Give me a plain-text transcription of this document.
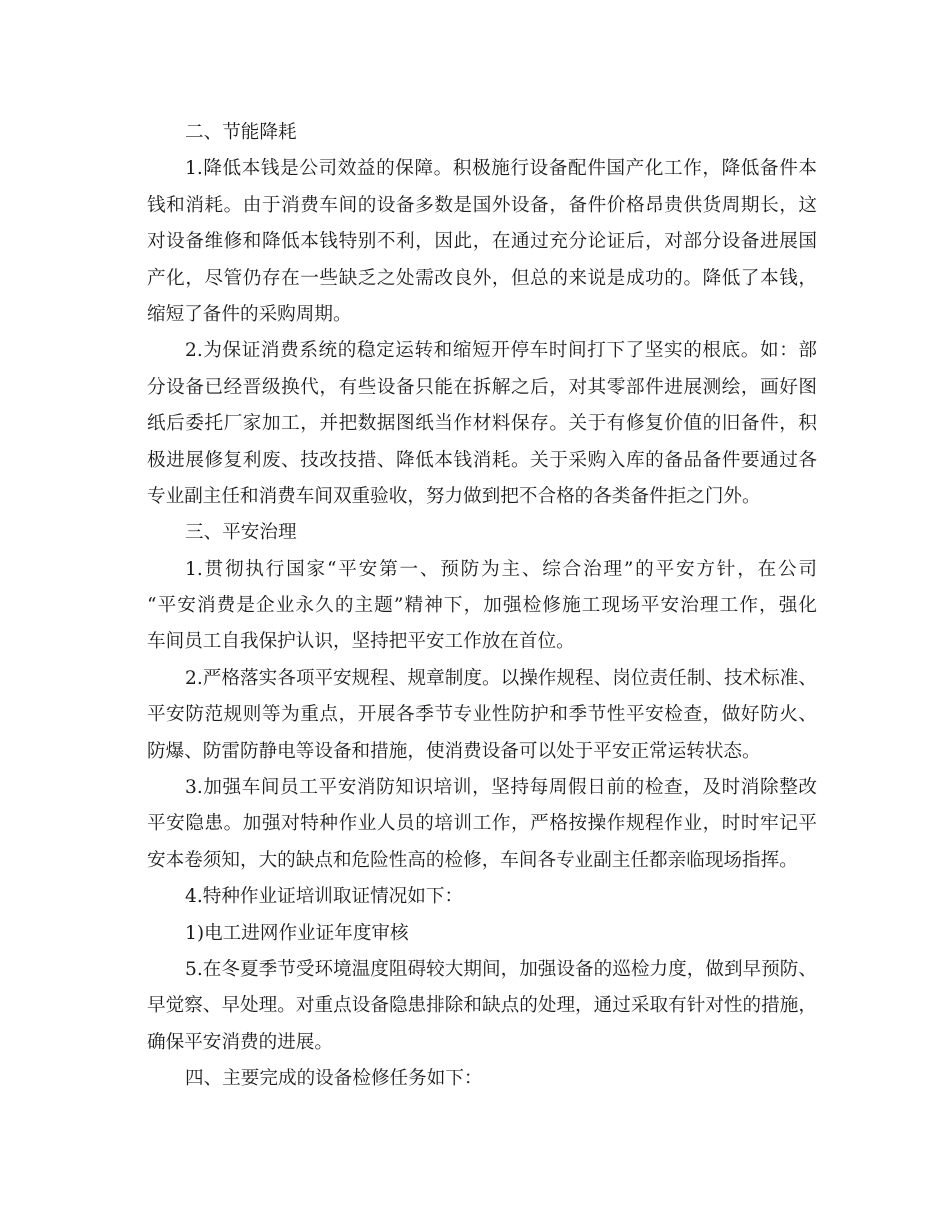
二、节能降耗
1.降低本钱是公司效益的保障。积极施行设备配件国产化工作，降低备件本
钱和消耗。由于消费车间的设备多数是国外设备，备件价格昂贵供货周期长，这
对设备维修和降低本钱特别不利，因此，在通过充分论证后，对部分设备进展国
产化，尽管仍存在一些缺乏之处需改良外，但总的来说是成功的。降低了本钱，
缩短了备件的采购周期。
2.为保证消费系统的稳定运转和缩短开停车时间打下了坚实的根底。如：部
分设备已经晋级换代，有些设备只能在拆解之后，对其零部件进展测绘，画好图
纸后委托厂家加工，并把数据图纸当作材料保存。关于有修复价值的旧备件，积
极进展修复利废、技改技措、降低本钱消耗。关于采购入库的备品备件要通过各
专业副主任和消费车间双重验收，努力做到把不合格的各类备件拒之门外。
三、平安治理
1.贯彻执行国家“平安第一、预防为主、综合治理”的平安方针，在公司
“平安消费是企业永久的主题”精神下，加强检修施工现场平安治理工作，强化
车间员工自我保护认识，坚持把平安工作放在首位。
2.严格落实各项平安规程、规章制度。以操作规程、岗位责任制、技术标准、
平安防范规则等为重点，开展各季节专业性防护和季节性平安检查，做好防火、
防爆、防雷防静电等设备和措施，使消费设备可以处于平安正常运转状态。
3.加强车间员工平安消防知识培训，坚持每周假日前的检查，及时消除整改
平安隐患。加强对特种作业人员的培训工作，严格按操作规程作业，时时牢记平
安本卷须知，大的缺点和危险性高的检修，车间各专业副主任都亲临现场指挥。
4.特种作业证培训取证情况如下：
1)电工进网作业证年度审核
5.在冬夏季节受环境温度阻碍较大期间，加强设备的巡检力度，做到早预防、
早觉察、早处理。对重点设备隐患排除和缺点的处理，通过采取有针对性的措施，
确保平安消费的进展。
四、主要完成的设备检修任务如下：
